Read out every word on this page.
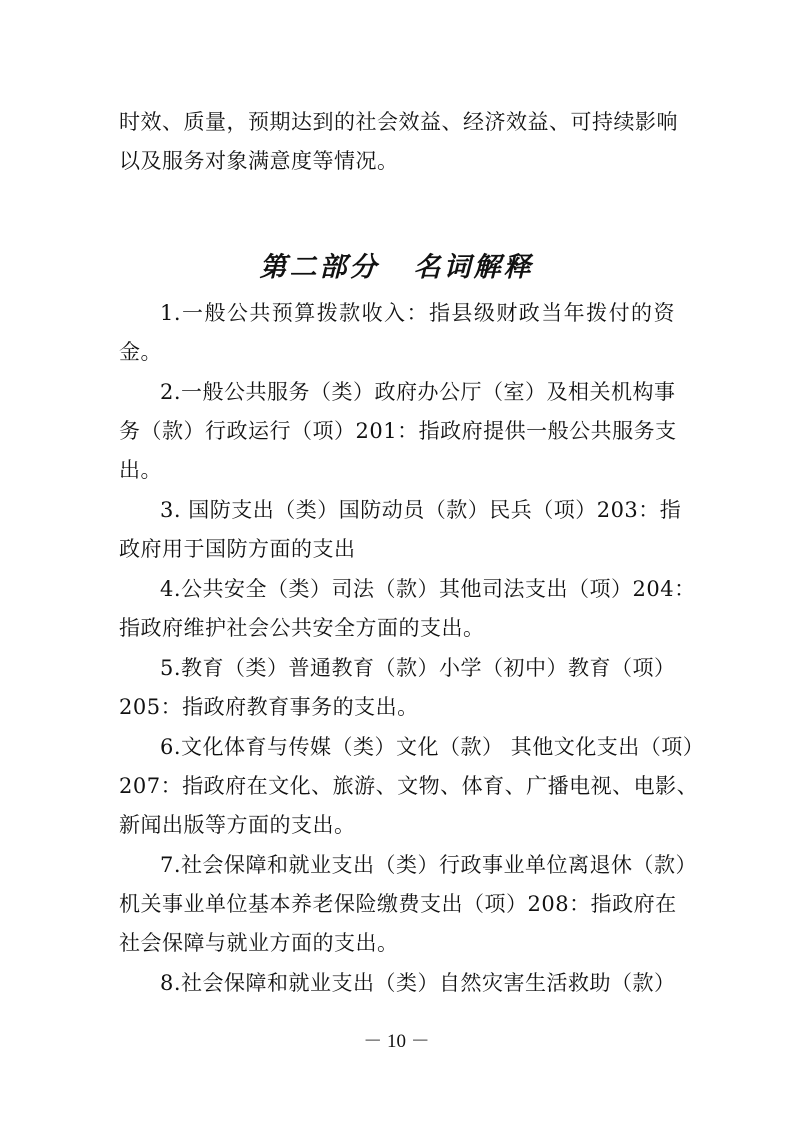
时效、质量，预期达到的社会效益、经济效益、可持续影响
以及服务对象满意度等情况。
第二部分 名词解释
1.一般公共预算拨款收入：指县级财政当年拨付的资
金。
2.一般公共服务（类）政府办公厅（室）及相关机构事
务（款）行政运行（项）201：指政府提供一般公共服务支
出。
3. 国防支出（类）国防动员（款）民兵（项）203：指
政府用于国防方面的支出
4.公共安全（类）司法（款）其他司法支出（项）204：
指政府维护社会公共安全方面的支出。
5.教育（类）普通教育（款）小学（初中）教育（项）
205：指政府教育事务的支出。
6.文化体育与传媒（类）文化（款） 其他文化支出（项）
207：指政府在文化、旅游、文物、体育、广播电视、电影、
新闻出版等方面的支出。
7.社会保障和就业支出（类）行政事业单位离退休（款）
机关事业单位基本养老保险缴费支出（项）208：指政府在
社会保障与就业方面的支出。
8.社会保障和就业支出（类）自然灾害生活救助（款）
－ 10 －
